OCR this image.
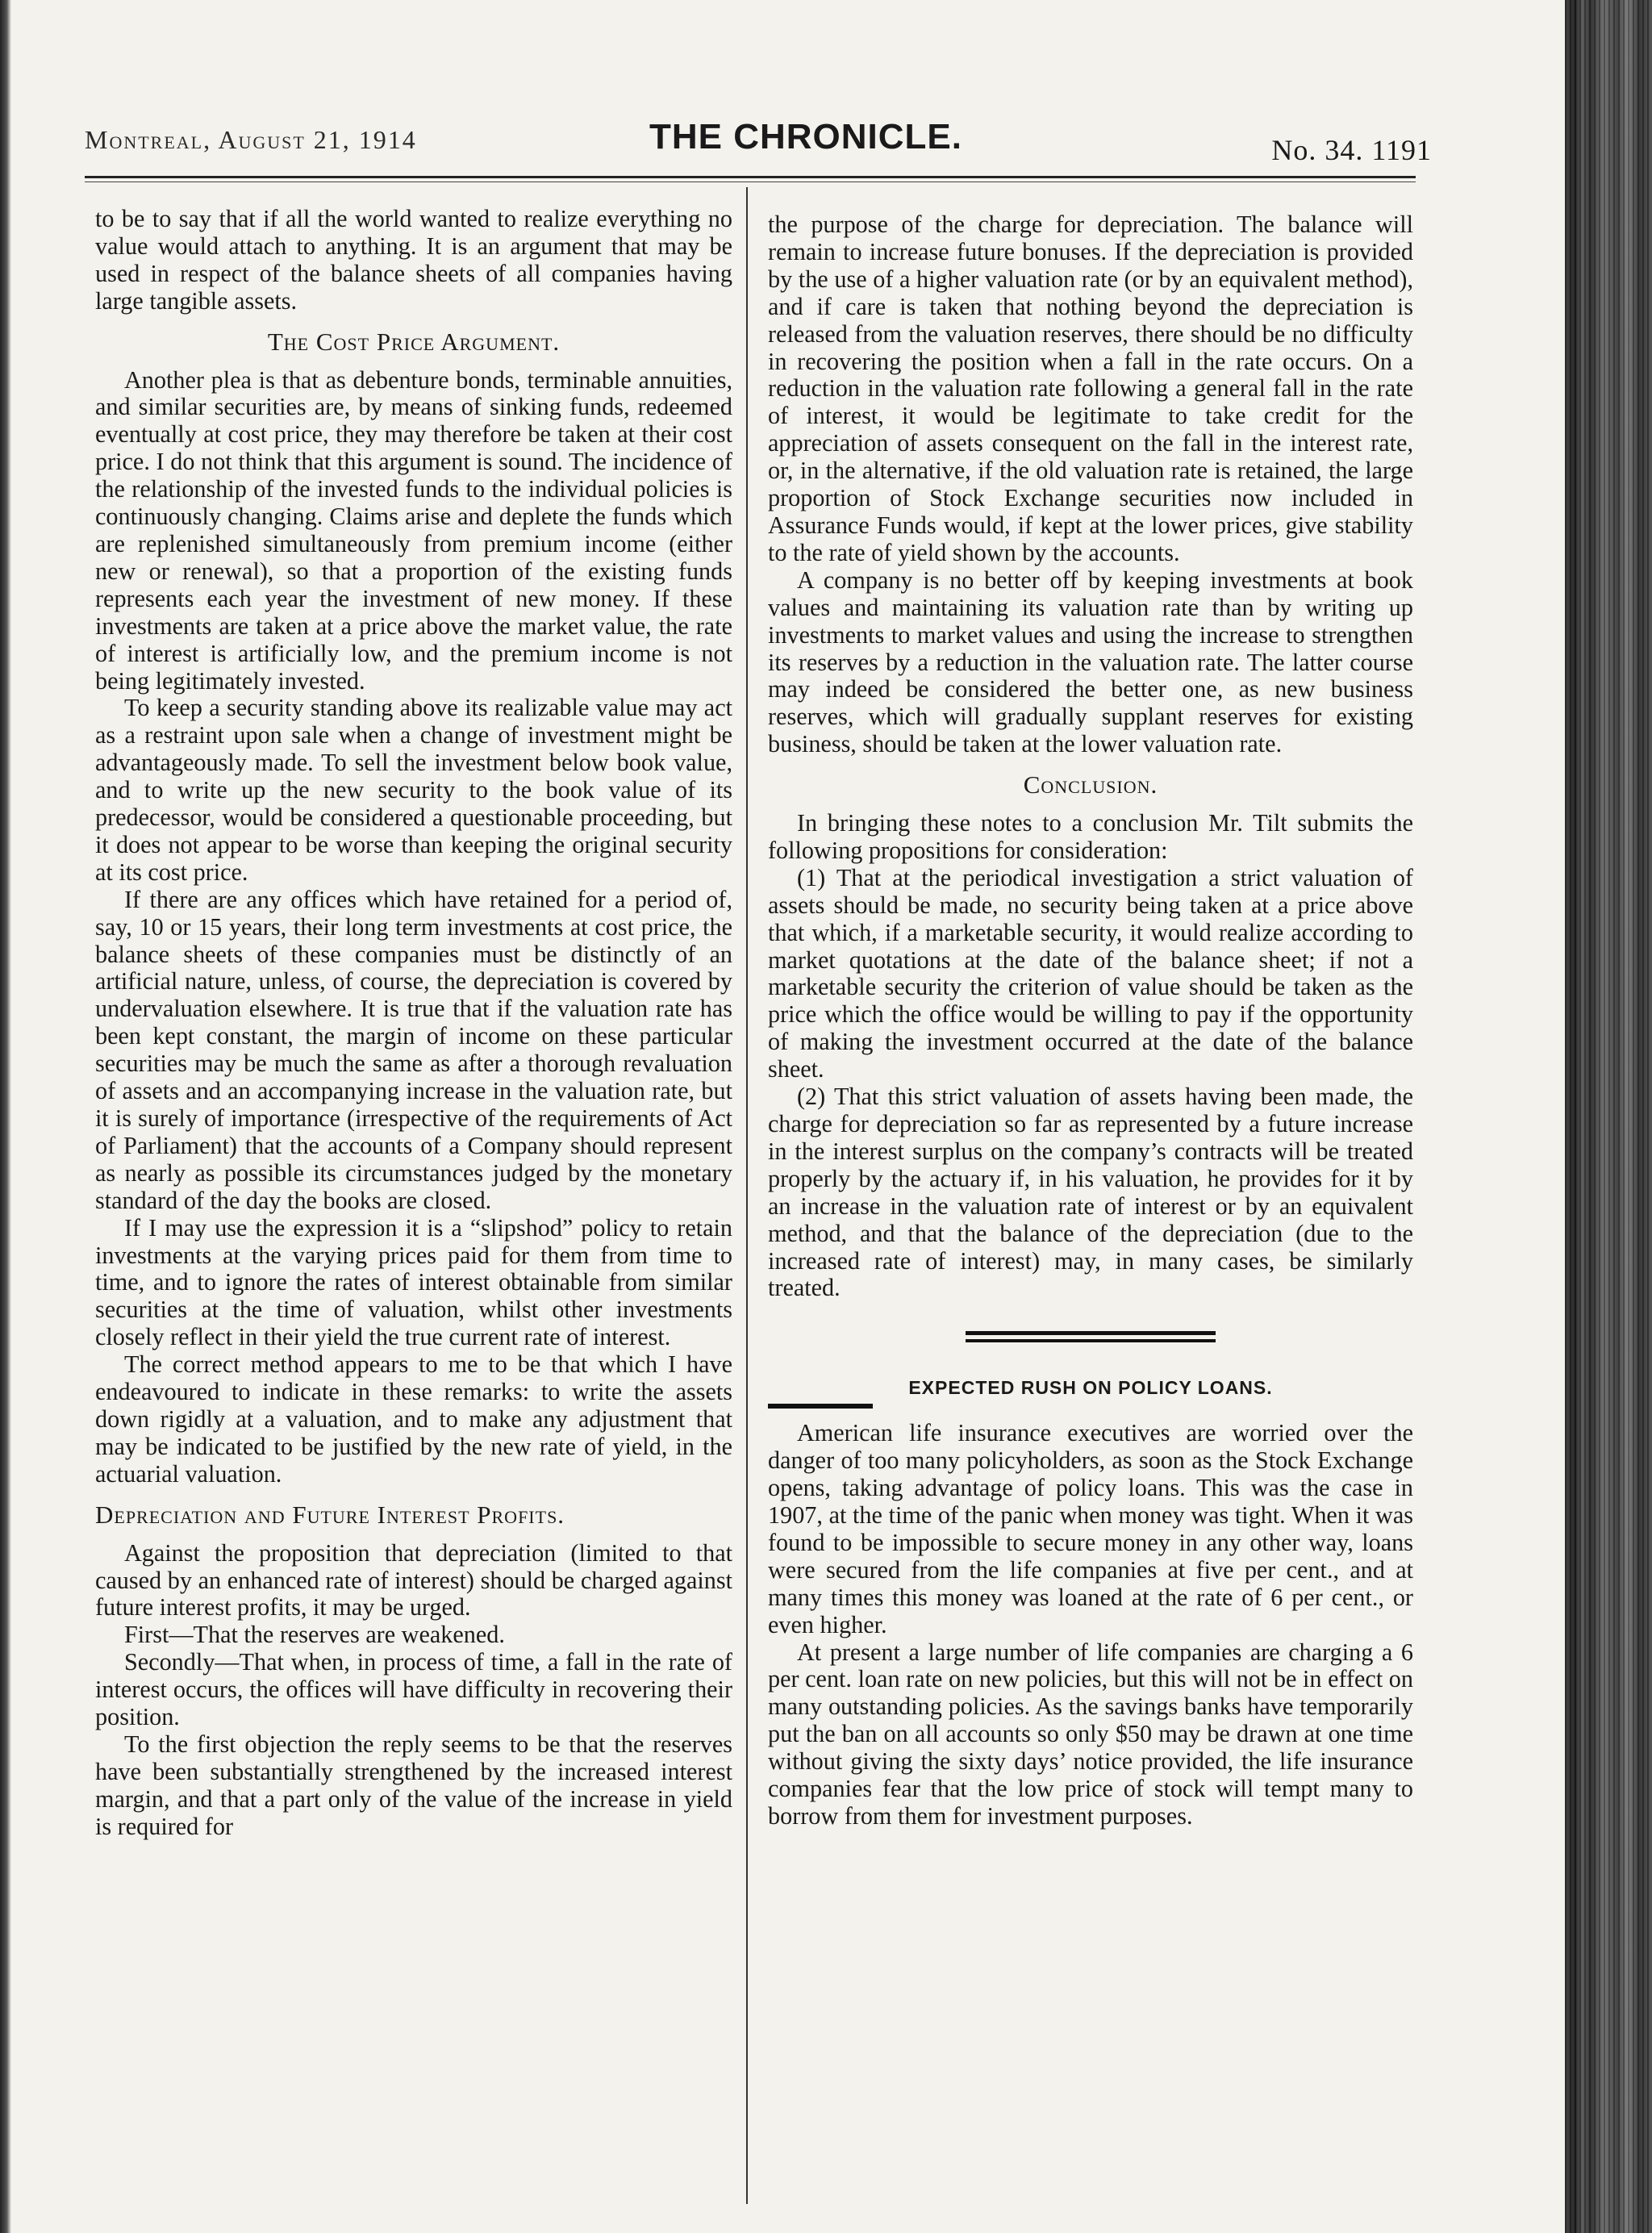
Montreal, August 21, 1914	THE CHRONICLE.	No. 34. 1191

to be to say that if all the world wanted to realize everything no value would attach to anything. It is an argument that may be used in respect of the balance sheets of all companies having large tangible assets.

The Cost Price Argument.

Another plea is that as debenture bonds, terminable annuities, and similar securities are, by means of sinking funds, redeemed eventually at cost price, they may therefore be taken at their cost price. I do not think that this argument is sound. The incidence of the relationship of the invested funds to the individual policies is continuously changing. Claims arise and deplete the funds which are replenished simultaneously from premium income (either new or renewal), so that a proportion of the existing funds represents each year the investment of new money. If these investments are taken at a price above the market value, the rate of interest is artificially low, and the premium income is not being legitimately invested.

To keep a security standing above its realizable value may act as a restraint upon sale when a change of investment might be advantageously made. To sell the investment below book value, and to write up the new security to the book value of its predecessor, would be considered a questionable proceeding, but it does not appear to be worse than keeping the original security at its cost price.

If there are any offices which have retained for a period of, say, 10 or 15 years, their long term investments at cost price, the balance sheets of these companies must be distinctly of an artificial nature, unless, of course, the depreciation is covered by undervaluation elsewhere. It is true that if the valuation rate has been kept constant, the margin of income on these particular securities may be much the same as after a thorough revaluation of assets and an accompanying increase in the valuation rate, but it is surely of importance (irrespective of the requirements of Act of Parliament) that the accounts of a Company should represent as nearly as possible its circumstances judged by the monetary standard of the day the books are closed.

If I may use the expression it is a “slipshod” policy to retain investments at the varying prices paid for them from time to time, and to ignore the rates of interest obtainable from similar securities at the time of valuation, whilst other investments closely reflect in their yield the true current rate of interest.

The correct method appears to me to be that which I have endeavoured to indicate in these remarks: to write the assets down rigidly at a valuation, and to make any adjustment that may be indicated to be justified by the new rate of yield, in the actuarial valuation.

Depreciation and Future Interest Profits.

Against the proposition that depreciation (limited to that caused by an enhanced rate of interest) should be charged against future interest profits, it may be urged.

First—That the reserves are weakened.

Secondly—That when, in process of time, a fall in the rate of interest occurs, the offices will have difficulty in recovering their position.

To the first objection the reply seems to be that the reserves have been substantially strengthened by the increased interest margin, and that a part only of the value of the increase in yield is required for

the purpose of the charge for depreciation. The balance will remain to increase future bonuses. If the depreciation is provided by the use of a higher valuation rate (or by an equivalent method), and if care is taken that nothing beyond the depreciation is released from the valuation reserves, there should be no difficulty in recovering the position when a fall in the rate occurs. On a reduction in the valuation rate following a general fall in the rate of interest, it would be legitimate to take credit for the appreciation of assets consequent on the fall in the interest rate, or, in the alternative, if the old valuation rate is retained, the large proportion of Stock Exchange securities now included in Assurance Funds would, if kept at the lower prices, give stability to the rate of yield shown by the accounts.

A company is no better off by keeping investments at book values and maintaining its valuation rate than by writing up investments to market values and using the increase to strengthen its reserves by a reduction in the valuation rate. The latter course may indeed be considered the better one, as new business reserves, which will gradually supplant reserves for existing business, should be taken at the lower valuation rate.

Conclusion.

In bringing these notes to a conclusion Mr. Tilt submits the following propositions for consideration:

(1) That at the periodical investigation a strict valuation of assets should be made, no security being taken at a price above that which, if a marketable security, it would realize according to market quotations at the date of the balance sheet; if not a marketable security the criterion of value should be taken as the price which the office would be willing to pay if the opportunity of making the investment occurred at the date of the balance sheet.

(2) That this strict valuation of assets having been made, the charge for depreciation so far as represented by a future increase in the interest surplus on the company’s contracts will be treated properly by the actuary if, in his valuation, he provides for it by an increase in the valuation rate of interest or by an equivalent method, and that the balance of the depreciation (due to the increased rate of interest) may, in many cases, be similarly treated.

EXPECTED RUSH ON POLICY LOANS.

American life insurance executives are worried over the danger of too many policyholders, as soon as the Stock Exchange opens, taking advantage of policy loans. This was the case in 1907, at the time of the panic when money was tight. When it was found to be impossible to secure money in any other way, loans were secured from the life companies at five per cent., and at many times this money was loaned at the rate of 6 per cent., or even higher.

At present a large number of life companies are charging a 6 per cent. loan rate on new policies, but this will not be in effect on many outstanding policies. As the savings banks have temporarily put the ban on all accounts so only $50 may be drawn at one time without giving the sixty days’ notice provided, the life insurance companies fear that the low price of stock will tempt many to borrow from them for investment purposes.
